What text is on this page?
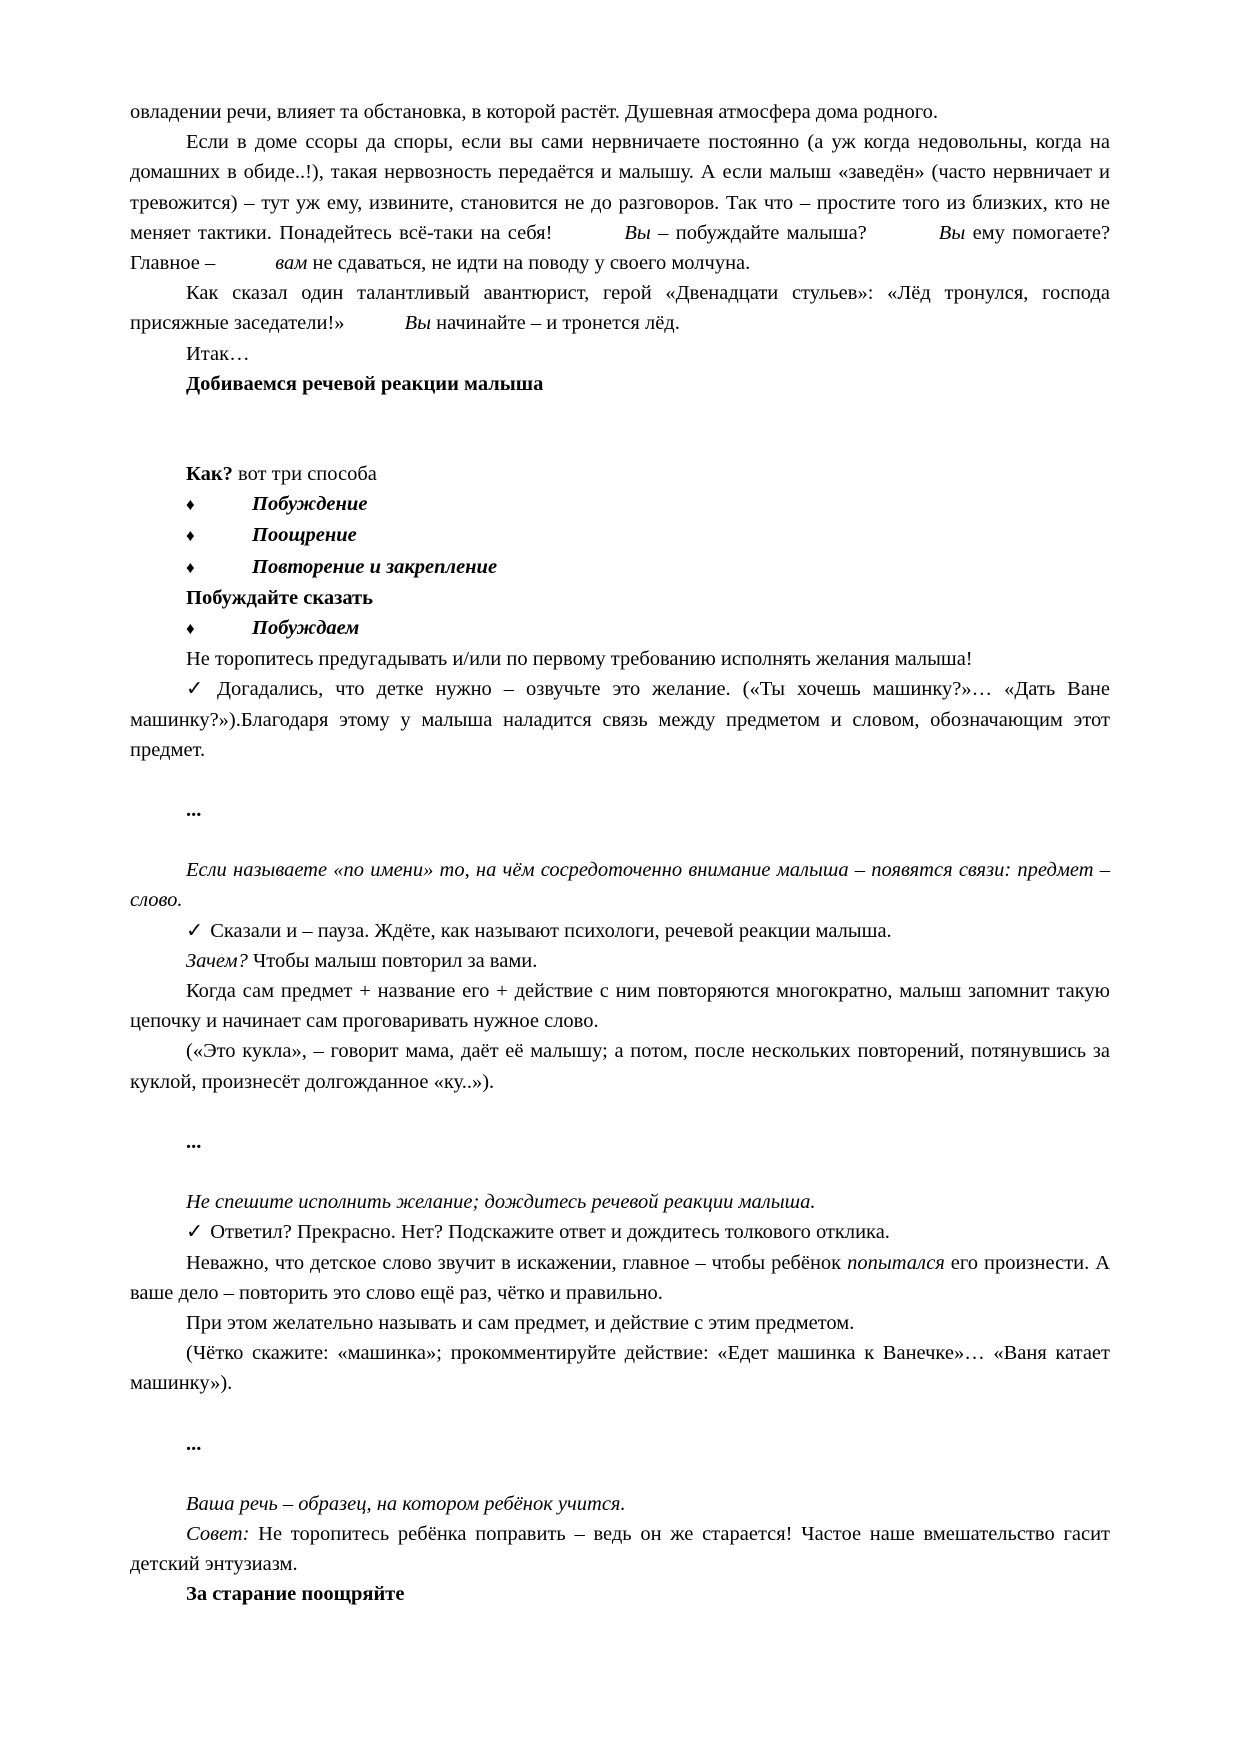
овладении речи, влияет та обстановка, в которой растёт. Душевная атмосфера дома родного.

Если в доме ссоры да споры, если вы сами нервничаете постоянно (а уж когда недовольны, когда на домашних в обиде..!), такая нервозность передаётся и малышу. А если малыш «заведён» (часто нервничает и тревожится) – тут уж ему, извините, становится не до разговоров. Так что – простите того из близких, кто не меняет тактики. Понадейтесь всё-таки на себя!	Вы – побуждайте малыша?	Вы ему помогаете? Главное –	вам не сдаваться, не идти на поводу у своего молчуна.

Как сказал один талантливый авантюрист, герой «Двенадцати стульев»: «Лёд тронулся, господа присяжные заседатели!»	Вы начинайте – и тронется лёд.

Итак…

Добиваемся речевой реакции малыша

Как? вот три способа

♦	Побуждение
♦	Поощрение
♦	Повторение и закрепление

Побуждайте сказать

♦	Побуждаем

Не торопитесь предугадывать и/или по первому требованию исполнять желания малыша!

✓ Догадались, что детке нужно – озвучьте это желание. («Ты хочешь машинку?»… «Дать Ване машинку?»).Благодаря этому у малыша наладится связь между предметом и словом, обозначающим этот предмет.

...

Если называете «по имени» то, на чём сосредоточенно внимание малыша – появятся связи: предмет – слово.

✓ Сказали и – пауза. Ждёте, как называют психологи, речевой реакции малыша.

Зачем? Чтобы малыш повторил за вами.

Когда сам предмет + название его + действие с ним повторяются многократно, малыш запомнит такую цепочку и начинает сам проговаривать нужное слово.

(«Это кукла», – говорит мама, даёт её малышу; а потом, после нескольких повторений, потянувшись за куклой, произнесёт долгожданное «ку..»).

...

Не спешите исполнить желание; дождитесь речевой реакции малыша.

✓ Ответил? Прекрасно. Нет? Подскажите ответ и дождитесь толкового отклика.

Неважно, что детское слово звучит в искажении, главное – чтобы ребёнок попытался его произнести. А ваше дело – повторить это слово ещё раз, чётко и правильно.

При этом желательно называть и сам предмет, и действие с этим предметом.

(Чётко скажите: «машинка»; прокомментируйте действие: «Едет машинка к Ванечке»… «Ваня катает машинку»).

...

Ваша речь – образец, на котором ребёнок учится.

Совет: Не торопитесь ребёнка поправить – ведь он же старается! Частое наше вмешательство гасит детский энтузиазм.

За старание поощряйте
